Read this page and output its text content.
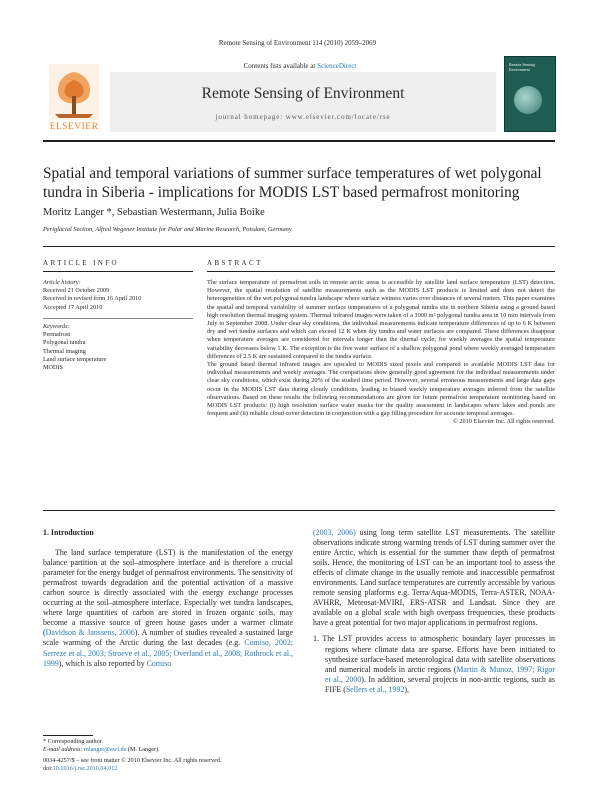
Remote Sensing of Environment 114 (2010) 2059–2069
Contents lists available at ScienceDirect
Remote Sensing of Environment
journal homepage: www.elsevier.com/locate/rse
ELSEVIER
Remote Sensing
Environment
Spatial and temporal variations of summer surface temperatures of wet polygonal tundra in Siberia - implications for MODIS LST based permafrost monitoring
Moritz Langer *, Sebastian Westermann, Julia Boike
Periglacial Section, Alfred Wegener Institute for Polar and Marine Research, Potsdam, Germany
ARTICLE INFO	ABSTRACT
Article history:
Received 21 October 2009
Received in revised form 16 April 2010
Accepted 17 April 2010
Keywords:
Permafrost
Polygonal tundra
Thermal imaging
Land surface temperature
MODIS

The surface temperature of permafrost soils in remote arctic areas is accessible by satellite land surface temperature (LST) detection. However, the spatial resolution of satellite measurements such as the MODIS LST products is limited and does not detect the heterogeneities of the wet polygonal tundra landscape where surface wetness varies over distances of several meters. This paper examines the spatial and temporal variability of summer surface temperatures of a polygonal tundra site in northern Siberia using a ground based high resolution thermal imaging system. Thermal infrared images were taken of a 1000 m² polygonal tundra area in 10 min intervals from July to September 2008. Under clear sky conditions, the individual measurements indicate temperature differences of up to 6 K between dry and wet tundra surfaces and which can exceed 12 K when dry tundra and water surfaces are compared. These differences disappear when temperature averages are considered for intervals longer than the diurnal cycle; for weekly averages the spatial temperature variability decreases below 1 K. The exception is the free water surface of a shallow polygonal pond where weekly averaged temperature differences of 2.5 K are sustained compared to the tundra surface.

The ground based thermal infrared images are upscaled to MODIS sized pixels and compared to available MODIS LST data for individual measurements and weekly averages. The comparisons show generally good agreement for the individual measurements under clear sky conditions, which exist during 20% of the studied time period. However, several erroneous measurements and large data gaps occur in the MODIS LST data during cloudy conditions, leading to biased weekly temperature averages inferred from the satellite observations. Based on these results the following recommendations are given for future permafrost temperature monitoring based on MODIS LST products: (i) high resolution surface water masks for the quality assessment in landscapes where lakes and ponds are frequent and (ii) reliable cloud cover detection in conjunction with a gap filling procedure for accurate temporal averages.

© 2010 Elsevier Inc. All rights reserved.

1. Introduction

The land surface temperature (LST) is the manifestation of the energy balance partition at the soil–atmosphere interface and is therefore a crucial parameter for the energy budget of permafrost environments. The sensitivity of permafrost towards degradation and the potential activation of a massive carbon source is directly associated with the energy exchange processes occurring at the soil–atmosphere interface. Especially wet tundra landscapes, where large quantities of carbon are stored in frozen organic soils, may become a massive source of green house gases under a warmer climate (Davidson & Janssens, 2006). A number of studies revealed a sustained large scale warming of the Arctic during the last decades (e.g. Comiso, 2002; Serreze et al., 2003; Stroeve et al., 2005; Overland et al., 2008; Rothrock et al., 1999), which is also reported by Comiso

(2003, 2006) using long term satellite LST measurements. The satellite observations indicate strong warming trends of LST during summer over the entire Arctic, which is essential for the summer thaw depth of permafrost soils. Hence, the monitoring of LST can be an important tool to assess the effects of climate change in the usually remote and inaccessible permafrost environments. Land surface temperatures are currently accessible by various remote sensing platforms e.g. Terra/Aqua-MODIS, Terra-ASTER, NOAA-AVHRR, Meteosat-MVIRI, ERS-ATSR and Landsat. Since they are available on a global scale with high overpass frequencies, these products have a great potential for two major applications in permafrost regions.

1. The LST provides access to atmospheric boundary layer processes in regions where climate data are sparse. Efforts have been initiated to synthesize surface-based meteorological data with satellite observations and numerical models in arctic regions (Martin & Munoz, 1997; Rigor et al., 2000). In addition, several projects in non-arctic regions, such as FIFE (Sellers et al., 1992),

* Corresponding author.
E-mail address: mlanger@awi.de (M. Langer).
0034-4257/$ – see front matter © 2010 Elsevier Inc. All rights reserved.
doi:10.1016/j.rse.2010.04.012
